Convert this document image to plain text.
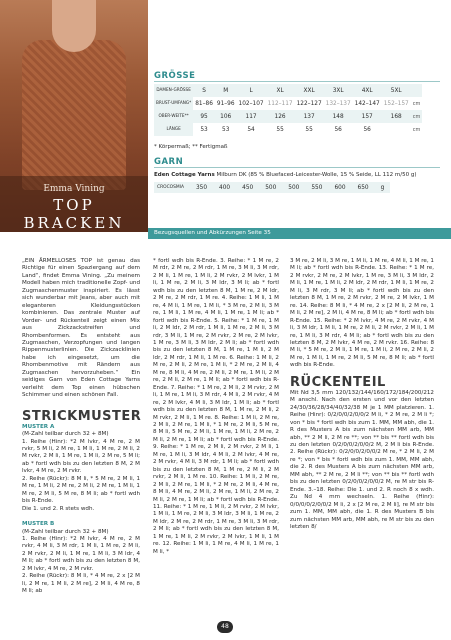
Emma Vining
TOP BRACKEN
GRÖSSE
DAMEN-GRÖSSE	S	M	L	XL	XXL	3XL	4XL	5XL	
BRUST-UMFANG*	81–86	91–96	102–107	112–117	122–127	132–137	142–147	152–157	cm
OBER-WEITE**	95	106	117	126	137	148	157	168	cm
LÄNGE	53	53	54	55	55	56	56		cm
* Körpermaß; ** Fertigmaß
GARN
Eden Cottage Yarns Milburn DK (85 % Bluefaced-Leicester-Wolle, 15 % Seide, LL 112 m/50 g)
CROCOSMIA	350	400	450	500	500	550	600	650	g
Bezugsquellen und Abkürzungen Seite 35

„EIN ÄRMELLOSES TOP ist genau das Richtige für einen Spaziergang auf dem Land“, findet Emma Vining. „Zu meinem Modell haben mich traditionelle Zopf- und Zugmaschenmuster inspiriert. Es lässt sich wunderbar mit Jeans, aber auch mit eleganteren Kleidungsstücken kombinieren. Das zentrale Muster auf Vorder- und Rückenteil zeigt einen Mix aus Zickzackstreifen und Rhombenformen. Es entsteht aus Zugmaschen, Verzopfungen und langen Rippenmusterlinien. Die Zickzacklinien habe ich eingesetzt, um die Rhombenmotive mit Rändern aus Zugmaschen hervorzuheben.“ Ein seidiges Garn von Eden Cottage Yarns verleiht dem Top einen hübschen Schimmer und einen schönen Fall.

STRICKMUSTER

MUSTER A

(M-Zahl teilbar durch 32 + 8M)

1. Reihe (Hinr): *2 M lvkr, 4 M re, 2 M rvkr, 5 M li, 2 M re, 1 M li, 1 M re, 2 M li, 2 M rvkr, 2 M li, 1 M re, 1 M li, 2 M re, 5 M li; ab * fortl wdh bis zu den letzten 8 M, 2 M lvkr, 4 M re, 2 M rvkr.

2. Reihe (Rückr): 8 M li, * 5 M re, 2 M li, 1 M re, 1 M li, 2 M re, 2 M li, 2 M re, 1 M li, 1 M re, 2 M li, 5 M re, 8 M li; ab * fortl wdh bis R-Ende.

Die 1. und 2. R stets wdh.

MUSTER B

(M-Zahl teilbar durch 32 + 8M)

1. Reihe (Hinr): *2 M lvkr, 4 M re, 2 M rvkr, 4 M li, 3 M rdr, 1 M li, 1 M re, 2 M li, 2 M rvkr, 2 M li, 1 M re, 1 M li, 3 M ldr, 4 M li; ab * fortl wdh bis zu den letzten 8 M, 2 M lvkr, 4 M re, 2 M rvkr.

2. Reihe (Rückr): 8 M li, * 4 M re, 2 x [2 M li, 2 M re, 1 M li, 2 M re], 2 M li, 4 M re, 8 M li; ab

* fortl wdh bis R-Ende. 3. Reihe: * 1 M re, 2 M rdr, 2 M re, 2 M rdr, 1 M re, 3 M li, 3 M rdr, 2 M li, 1 M re, 1 M li, 2 M rvkr, 2 M lvkr, 1 M li, 1 M re, 2 M li, 3 M ldr, 3 M li; ab * fortl wdh bis zu den letzten 8 M, 1 M re, 2 M ldr, 2 M re, 2 M rdr, 1 M re. 4. Reihe: 1 M li, 1 M re, 4 M li, 1 M re, 1 M li, * 3 M re, 2 M li, 3 M re, 1 M li, 1 M re, 4 M li, 1 M re, 1 M li; ab * fortl wdh bis R-Ende. 5. Reihe: * 1 M re, 1 M li, 2 M ldr, 2 M rdr, 1 M li, 1 M re, 2 M li, 3 M rdr, 3 M li, 1 M re, 2 M rvkr, 2 M re, 2 M lvkr, 1 M re, 3 M li, 3 M ldr, 2 M li; ab * fortl wdh bis zu den letzten 8 M, 1 M re, 1 M li, 2 M ldr, 2 M rdr, 1 M li, 1 M re. 6. Reihe: 1 M li, 2 M re, 2 M li, 2 M re, 1 M li, * 2 M re, 2 M li, 4 M re, 8 M li, 4 M re, 2 M li, 2 M re, 1 M li, 2 M re, 2 M li, 2 M re, 1 M li; ab * fortl wdh bis R-Ende. 7. Reihe: * 1 M re, 2 M li, 2 M rvkr, 2 M li, 1 M re, 1 M li, 3 M rdr, 4 M li, 2 M rvkr, 4 M re, 2 M lvkr, 4 M li, 3 M ldr, 1 M li; ab * fortl wdh bis zu den letzten 8 M, 1 M re, 2 M li, 2 M rvkr, 2 M li, 1 M re. 8. Reihe: 1 M li, 2 M re, 2 M li, 2 M re, 1 M li, * 1 M re, 2 M li, 5 M re, 8 M li, 5 M re, 2 M li, 1 M re, 1 M li, 2 M re, 2 M li, 2 M re, 1 M li; ab * fortl wdh bis R-Ende. 9. Reihe: * 1 M re, 2 M li, 2 M rvkr, 2 M li, 1 M re, 1 M li, 3 M ldr, 4 M li, 2 M lvkr, 4 M re, 2 M rvkr, 4 M li, 3 M rdr, 1 M li; ab * fortl wdh bis zu den letzten 8 M, 1 M re, 2 M li, 2 M rvkr, 2 M li, 1 M re. 10. Reihe: 1 M li, 2 M re, 2 M li, 2 M re, 1 M li, * 2 M re, 2 M li, 4 M re, 8 M li, 4 M re, 2 M li, 2 M re, 1 M li, 2 M re, 2 M li, 2 M re, 1 M li; ab * fortl wdh bis R-Ende. 11. Reihe: * 1 M re, 1 M li, 2 M rvkr, 2 M lvkr, 1 M li, 1 M re, 2 M li, 3 M ldr, 3 M li, 1 M re, 2 M ldr, 2 M re, 2 M rdr, 1 M re, 3 M li, 3 M rdr, 2 M li; ab * fortl wdh bis zu den letzten 8 M, 1 M re, 1 M li, 2 M rvkr, 2 M lvkr, 1 M li, 1 M re. 12. Reihe: 1 M li, 1 M re, 4 M li, 1 M re, 1 M li, *

3 M re, 2 M li, 3 M re, 1 M li, 1 M re, 4 M li, 1 M re, 1 M li; ab * fortl wdh bis R-Ende. 13. Reihe: * 1 M re, 2 M rvkr, 2 M re, 2 M lvkr, 1 M re, 3 M li, 3 M ldr, 2 M li, 1 M re, 1 M li, 2 M ldr, 2 M rdr, 1 M li, 1 M re, 2 M li, 3 M rdr, 3 M li; ab * fortl wdh bis zu den letzten 8 M, 1 M re, 2 M rvkr, 2 M re, 2 M lvkr, 1 M re. 14. Reihe: 8 M li, * 4 M re, 2 x [2 M li, 2 M re, 1 M li, 2 M re], 2 M li, 4 M re, 8 M li; ab * fortl wdh bis R-Ende. 15. Reihe: * 2 M lvkr, 4 M re, 2 M rvkr, 4 M li, 3 M ldr, 1 M li, 1 M re, 2 M li, 2 M rvkr, 2 M li, 1 M re, 1 M li, 3 M rdr, 4 M li; ab * fortl wdh bis zu den letzten 8 M, 2 M lvkr, 4 M re, 2 M rvkr. 16. Reihe: 8 M li, * 5 M re, 2 M li, 1 M re, 1 M li, 2 M re, 2 M li, 2 M re, 1 M li, 1 M re, 2 M li, 5 M re, 8 M li; ab * fortl wdh bis R-Ende.

RÜCKENTEIL

Mit Nd 3,5 mm 120/132/144/160/172/184/200/212 M anschl. Nach den ersten und vor den letzten 24/30/36/28/34/40/32/38 M je 1 MM platzieren. 1. Reihe (Hinr): 0/2/0/0/2/0/0/2 M li, * 2 M re, 2 M li *; von * bis * fortl wdh bis zum 1. MM, MM abh, die 1. R des Musters A bis zum nächsten MM arb, MM abh, ** 2 M li, 2 M re **; von ** bis ** fortl wdh bis zu den letzten 0/2/0/0/2/0/0/2 M, 2 M li bis R-Ende. 2. Reihe (Rückr): 0/2/0/0/2/0/0/2 M re, * 2 M li, 2 M re *; von * bis * fortl wdh bis zum 1. MM, MM abh, die 2. R des Musters A bis zum nächsten MM arb, MM abh, ** 2 M re, 2 M li **; von ** bis ** fortl wdh bis zu den letzten 0/2/0/0/2/0/0/2 M, re M str bis R-Ende. 3.–18. Reihe: Die 1. und 2. R noch 8 x wdh. Zu Nd 4 mm wechseln. 1. Reihe (Hinr): 0/0/0/0/2/0/0/2 M li, 2 x [2 M re, 2 M li], re M str bis zum 1. MM, MM abh, die 1. R des Musters B bis zum nächsten MM arb, MM abh, re M str bis zu den letzten 8/

48
